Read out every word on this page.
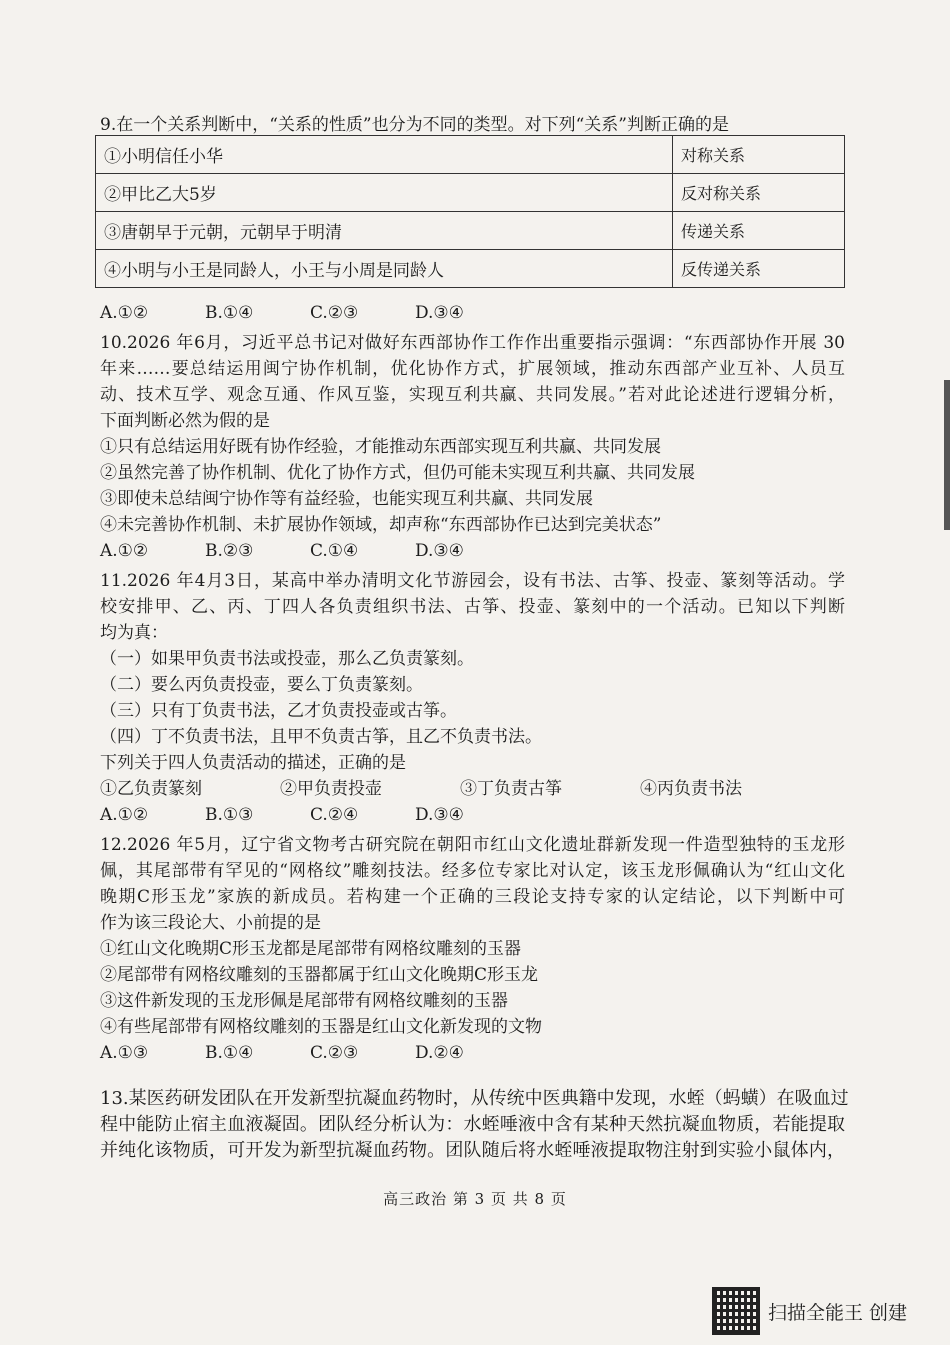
9.在一个关系判断中，“关系的性质”也分为不同的类型。对下列“关系”判断正确的是
①小明信任小华	对称关系
②甲比乙大5岁	反对称关系
③唐朝早于元朝，元朝早于明清	传递关系
④小明与小王是同龄人，小王与小周是同龄人	反传递关系
A.①②	B.①④	C.②③	D.③④
10.2026 年6月，习近平总书记对做好东西部协作工作作出重要指示强调：“东西部协作开展 30
年来……要总结运用闽宁协作机制，优化协作方式，扩展领域，推动东西部产业互补、人员互
动、技术互学、观念互通、作风互鉴，实现互利共赢、共同发展。”若对此论述进行逻辑分析，
下面判断必然为假的是
①只有总结运用好既有协作经验，才能推动东西部实现互利共赢、共同发展
②虽然完善了协作机制、优化了协作方式，但仍可能未实现互利共赢、共同发展
③即使未总结闽宁协作等有益经验，也能实现互利共赢、共同发展
④未完善协作机制、未扩展协作领域，却声称“东西部协作已达到完美状态”
A.①②	B.②③	C.①④	D.③④
11.2026 年4月3日，某高中举办清明文化节游园会，设有书法、古筝、投壶、篆刻等活动。学
校安排甲、乙、丙、丁四人各负责组织书法、古筝、投壶、篆刻中的一个活动。已知以下判断
均为真：
（一）如果甲负责书法或投壶，那么乙负责篆刻。
（二）要么丙负责投壶，要么丁负责篆刻。
（三）只有丁负责书法，乙才负责投壶或古筝。
（四）丁不负责书法，且甲不负责古筝，且乙不负责书法。
下列关于四人负责活动的描述，正确的是
①乙负责篆刻	②甲负责投壶	③丁负责古筝	④丙负责书法
A.①②	B.①③	C.②④	D.③④
12.2026 年5月，辽宁省文物考古研究院在朝阳市红山文化遗址群新发现一件造型独特的玉龙形
佩，其尾部带有罕见的“网格纹”雕刻技法。经多位专家比对认定，该玉龙形佩确认为“红山文化
晚期C形玉龙”家族的新成员。若构建一个正确的三段论支持专家的认定结论，以下判断中可
作为该三段论大、小前提的是
①红山文化晚期C形玉龙都是尾部带有网格纹雕刻的玉器
②尾部带有网格纹雕刻的玉器都属于红山文化晚期C形玉龙
③这件新发现的玉龙形佩是尾部带有网格纹雕刻的玉器
④有些尾部带有网格纹雕刻的玉器是红山文化新发现的文物
A.①③	B.①④	C.②③	D.②④
13.某医药研发团队在开发新型抗凝血药物时，从传统中医典籍中发现，水蛭（蚂蟥）在吸血过
程中能防止宿主血液凝固。团队经分析认为：水蛭唾液中含有某种天然抗凝血物质，若能提取
并纯化该物质，可开发为新型抗凝血药物。团队随后将水蛭唾液提取物注射到实验小鼠体内，
高三政治 第 3 页 共 8 页
扫描全能王 创建
